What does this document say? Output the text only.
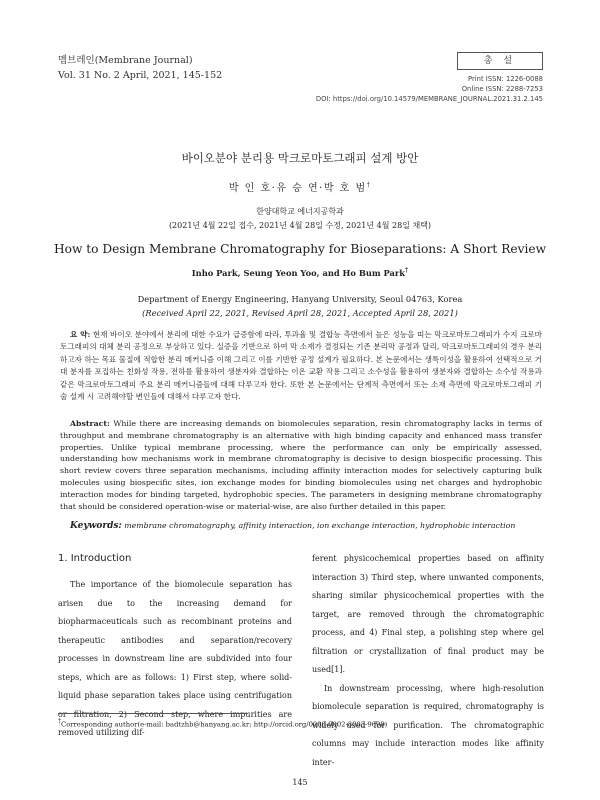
멤브레인(Membrane Journal)
Vol. 31 No. 2 April, 2021, 145-152
총 설
Print ISSN: 1226-0088
Online ISSN: 2288-7253
DOI: https://doi.org/10.14579/MEMBRANE_JOURNAL.2021.31.2.145
바이오분야 분리용 막크로마토그래피 설계 방안
박 인 호·유 승 연·박 호 범†
한양대학교 에너지공학과
(2021년 4월 22일 접수, 2021년 4월 28일 수정, 2021년 4월 28일 채택)
How to Design Membrane Chromatography for Bioseparations: A Short Review
Inho Park, Seung Yeon Yoo, and Ho Bum Park†
Department of Energy Engineering, Hanyang University, Seoul 04763, Korea
(Received April 22, 2021, Revised April 28, 2021, Accepted April 28, 2021)
요 약: 현재 바이오 분야에서 분리에 대한 수요가 급증함에 따라, 투과율 및 결합능 측면에서 높은 성능을 띠는 막크로마토그래피가 수지 크로마토그래피의 대체 분리 공정으로 부상하고 있다. 실증을 기반으로 하여 막 소재가 결정되는 기존 분리막 공정과 달리, 막크로마토그래피의 경우 분리하고자 하는 목표 물질에 적합한 분리 메커니즘 이해 그리고 이를 기반한 공정 설계가 필요하다. 본 논문에서는 생특이성을 활용하여 선택적으로 거대 분자를 포집하는 친화성 작용, 전하를 활용하여 생분자와 결합하는 이온 교환 작용 그리고 소수성을 활용하여 생분자와 결합하는 소수성 작용과 같은 막크로마토그래피 주요 분리 메커니즘들에 대해 다루고자 한다. 또한 본 논문에서는 단계적 측면에서 또는 소재 측면에 막크로마토그래피 기술 설계 시 고려해야할 변인들에 대해서 다루고자 한다.
Abstract: While there are increasing demands on biomolecules separation, resin chromatography lacks in terms of throughput and membrane chromatography is an alternative with high binding capacity and enhanced mass transfer properties. Unlike typical membrane processing, where the performance can only be empirically assessed, understanding how mechanisms work in membrane chromatography is decisive to design biospecific processing. This short review covers three separation mechanisms, including affinity interaction modes for selectively capturing bulk molecules using biospecific sites, ion exchange modes for binding biomolecules using net charges and hydrophobic interaction modes for binding targeted, hydrophobic species. The parameters in designing membrane chromatography that should be considered operation-wise or material-wise, are also further detailed in this paper.
Keywords: membrane chromatography, affinity interaction, ion exchange interaction, hydrophobic interaction
1. Introduction

The importance of the biomolecule separation has arisen due to the increasing demand for biopharmaceuticals such as recombinant proteins and therapeutic antibodies and separation/recovery processes in downstream line are subdivided into four steps, which are as follows: 1) First step, where solid-liquid phase separation takes place using centrifugation or filtration, 2) Second step, where impurities are removed utilizing dif-

ferent physicochemical properties based on affinity interaction 3) Third step, where unwanted components, sharing similar physicochemical properties with the target, are removed through the chromatographic process, and 4) Final step, a polishing step where gel filtration or crystallization of final product may be used[1].

In downstream processing, where high-resolution biomolecule separation is required, chromatography is widely used for purification. The chromatographic columns may include interaction modes like affinity inter-

†Corresponding author(e-mail: badtzhb@hanyang.ac.kr; http://orcid.org/0000-0002-8003-9698)
145
